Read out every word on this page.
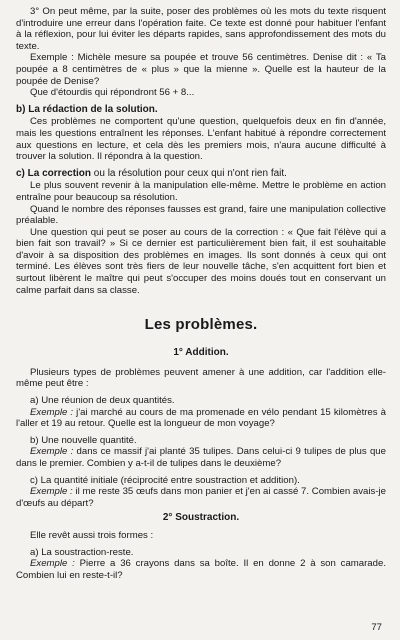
3° On peut même, par la suite, poser des problèmes où les mots du texte risquent d'introduire une erreur dans l'opération faite. Ce texte est donné pour habituer l'enfant à la réflexion, pour lui éviter les départs rapides, sans approfondissement des mots du texte.

Exemple : Michèle mesure sa poupée et trouve 56 centimètres. Denise dit : « Ta poupée a 8 centimètres de « plus » que la mienne ». Quelle est la hauteur de la poupée de Denise?

Que d'étourdis qui répondront 56 + 8...

b) La rédaction de la solution.

Ces problèmes ne comportent qu'une question, quelquefois deux en fin d'année, mais les questions entraînent les réponses. L'enfant habitué à répondre correctement aux questions en lecture, et cela dès les premiers mois, n'aura aucune difficulté à trouver la solution. Il répondra à la question.

c) La correction ou la résolution pour ceux qui n'ont rien fait.

Le plus souvent revenir à la manipulation elle-même. Mettre le problème en action entraîne pour beaucoup sa résolution.

Quand le nombre des réponses fausses est grand, faire une manipulation collective préalable.

Une question qui peut se poser au cours de la correction : « Que fait l'élève qui a bien fait son travail? » Si ce dernier est particulièrement bien fait, il est souhaitable d'avoir à sa disposition des problèmes en images. Ils sont donnés à ceux qui ont terminé. Les élèves sont très fiers de leur nouvelle tâche, s'en acquittent fort bien et surtout libèrent le maître qui peut s'occuper des moins doués tout en conservant un calme parfait dans sa classe.

Les problèmes.
1° Addition.

Plusieurs types de problèmes peuvent amener à une addition, car l'addition elle-même peut être :

a) Une réunion de deux quantités.

Exemple : j'ai marché au cours de ma promenade en vélo pendant 15 kilomètres à l'aller et 19 au retour. Quelle est la longueur de mon voyage?

b) Une nouvelle quantité.

Exemple : dans ce massif j'ai planté 35 tulipes. Dans celui-ci 9 tulipes de plus que dans le premier. Combien y a-t-il de tulipes dans le deuxième?

c) La quantité initiale (réciprocité entre soustraction et addition).

Exemple : il me reste 35 œufs dans mon panier et j'en ai cassé 7. Combien avais-je d'œufs au départ?

2° Soustraction.

Elle revêt aussi trois formes :

a) La soustraction-reste.

Exemple : Pierre a 36 crayons dans sa boîte. Il en donne 2 à son camarade. Combien lui en reste-t-il?

77
